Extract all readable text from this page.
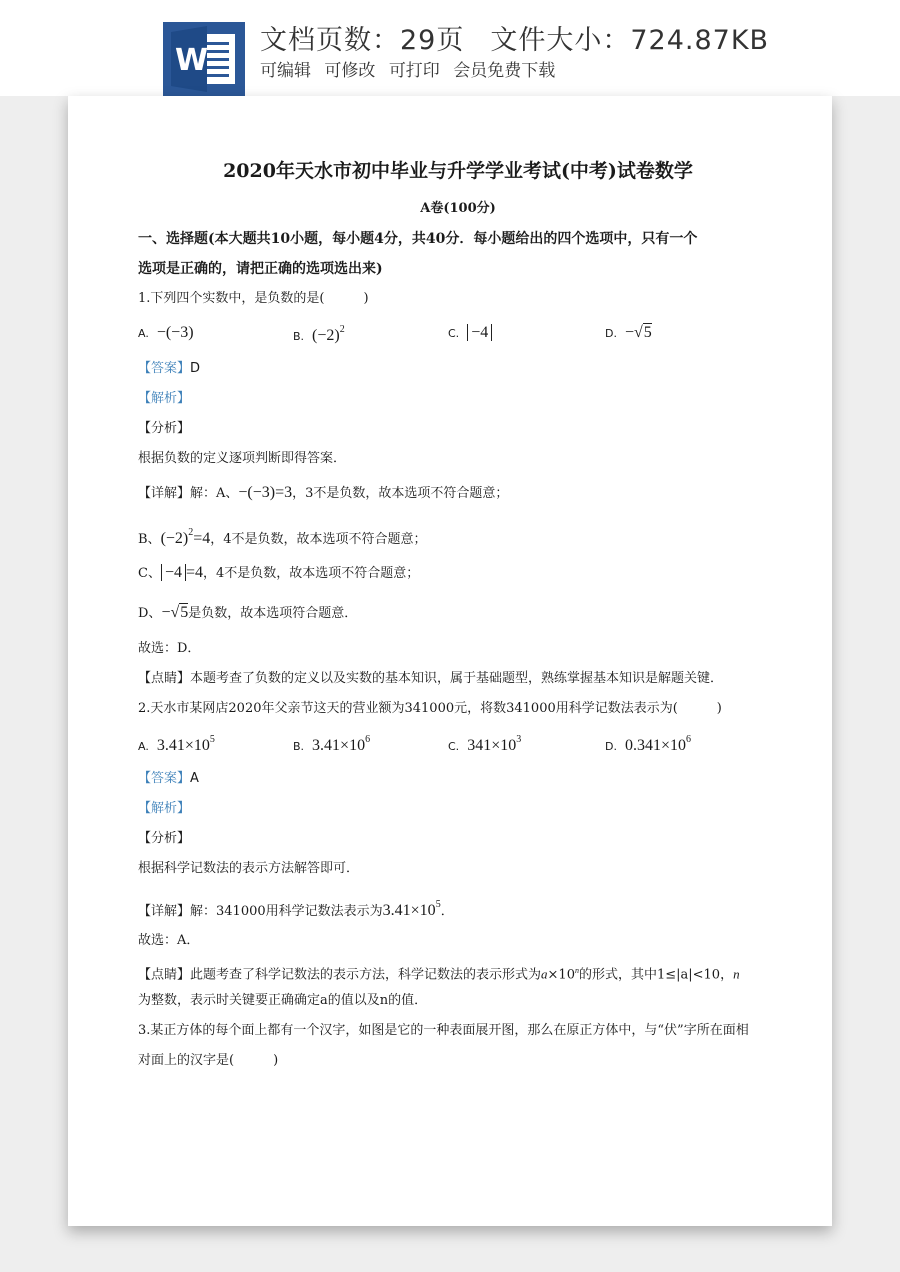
W
文档页数：29页 文件大小：724.87KB
可编辑 可修改 可打印 会员免费下载
2020年天水市初中毕业与升学学业考试(中考)试卷数学
A卷(100分)
一、选择题(本大题共10小题，每小题4分，共40分．每小题给出的四个选项中，只有一个
选项是正确的，请把正确的选项选出来)
1.下列四个实数中，是负数的是(　　　)
A. −(−3)	B. $(-2)^2$	C. −4	D. −√5
【答案】D
【解析】
【分析】
根据负数的定义逐项判断即得答案．
【详解】解：A、−(−3)=3，3不是负数，故本选项不符合题意；
B、$(-2)^2=4$，4不是负数，故本选项不符合题意；
C、 −4 =4，4不是负数，故本选项不符合题意；
D、−√5是负数，故本选项符合题意．
故选：D．
【点睛】本题考查了负数的定义以及实数的基本知识，属于基础题型，熟练掌握基本知识是解题关键．
2.天水市某网店2020年父亲节这天的营业额为341000元，将数341000用科学记数法表示为(　　　)
A. $3.41\times 10^5$
B. $3.41\times 10^6$
C. $341\times 10^3$
D. $0.341\times 10^6$
【答案】A
【解析】
【分析】
根据科学记数法的表示方法解答即可．
【详解】解：341000用科学记数法表示为$3.41\times 10^5$．
故选：A．
【点睛】此题考查了科学记数法的表示方法，科学记数法的表示形式为$a\times 10^n$的形式，其中1≤|a|<10，n
为整数，表示时关键要正确确定a的值以及n的值．
3.某正方体的每个面上都有一个汉字，如图是它的一种表面展开图，那么在原正方体中，与“伏”字所在面相
对面上的汉字是(　　　)
